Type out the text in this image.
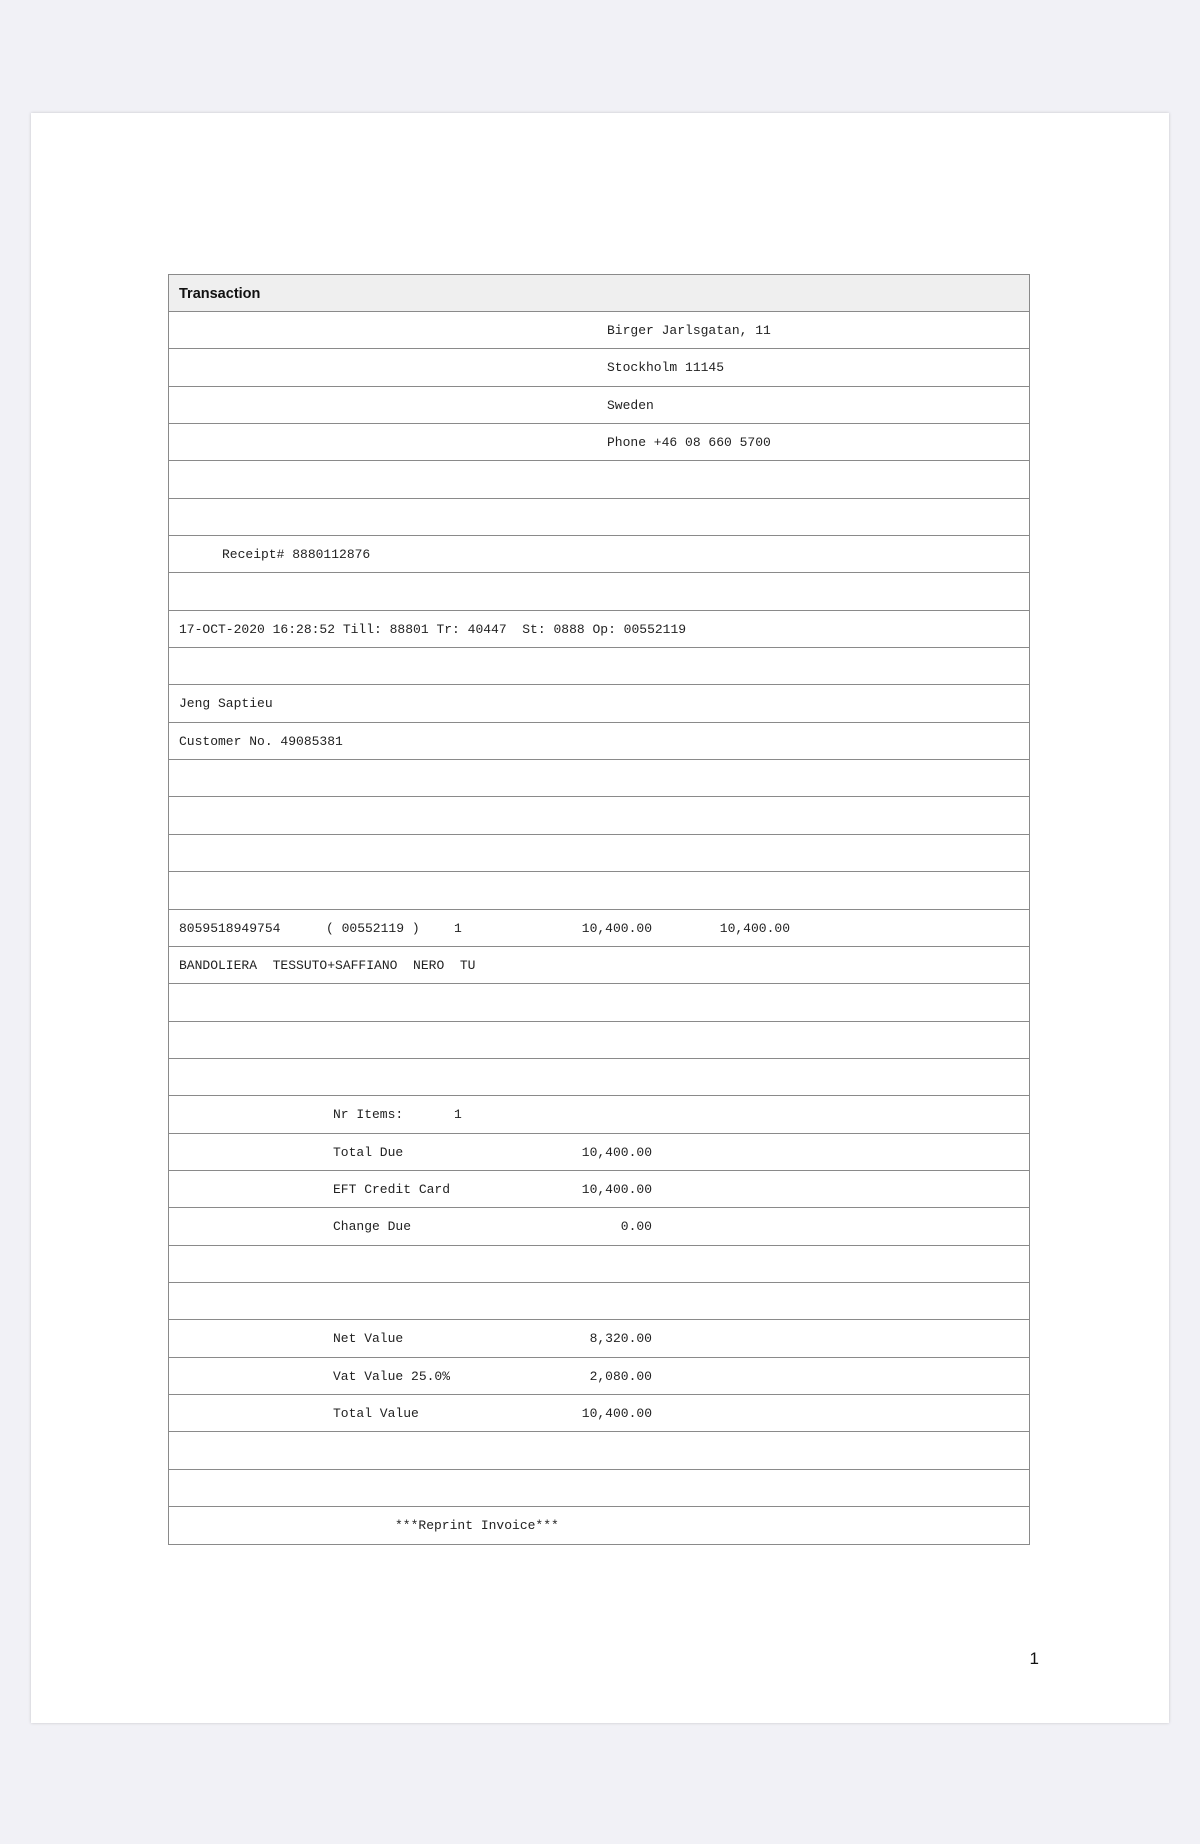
Transaction
Birger Jarlsgatan, 11
Stockholm 11145
Sweden
Phone +46 08 660 5700
Receipt# 8880112876
17-OCT-2020 16:28:52 Till: 88801 Tr: 40447  St: 0888 Op: 00552119
Jeng Saptieu
Customer No. 49085381
8059518949754	( 00552119 )	1	10,400.00	10,400.00
BANDOLIERA  TESSUTO+SAFFIANO  NERO  TU
Nr Items:	1
Total Due	10,400.00
EFT Credit Card	10,400.00
Change Due	0.00
Net Value	8,320.00
Vat Value 25.0%	2,080.00
Total Value	10,400.00
***Reprint Invoice***
1
